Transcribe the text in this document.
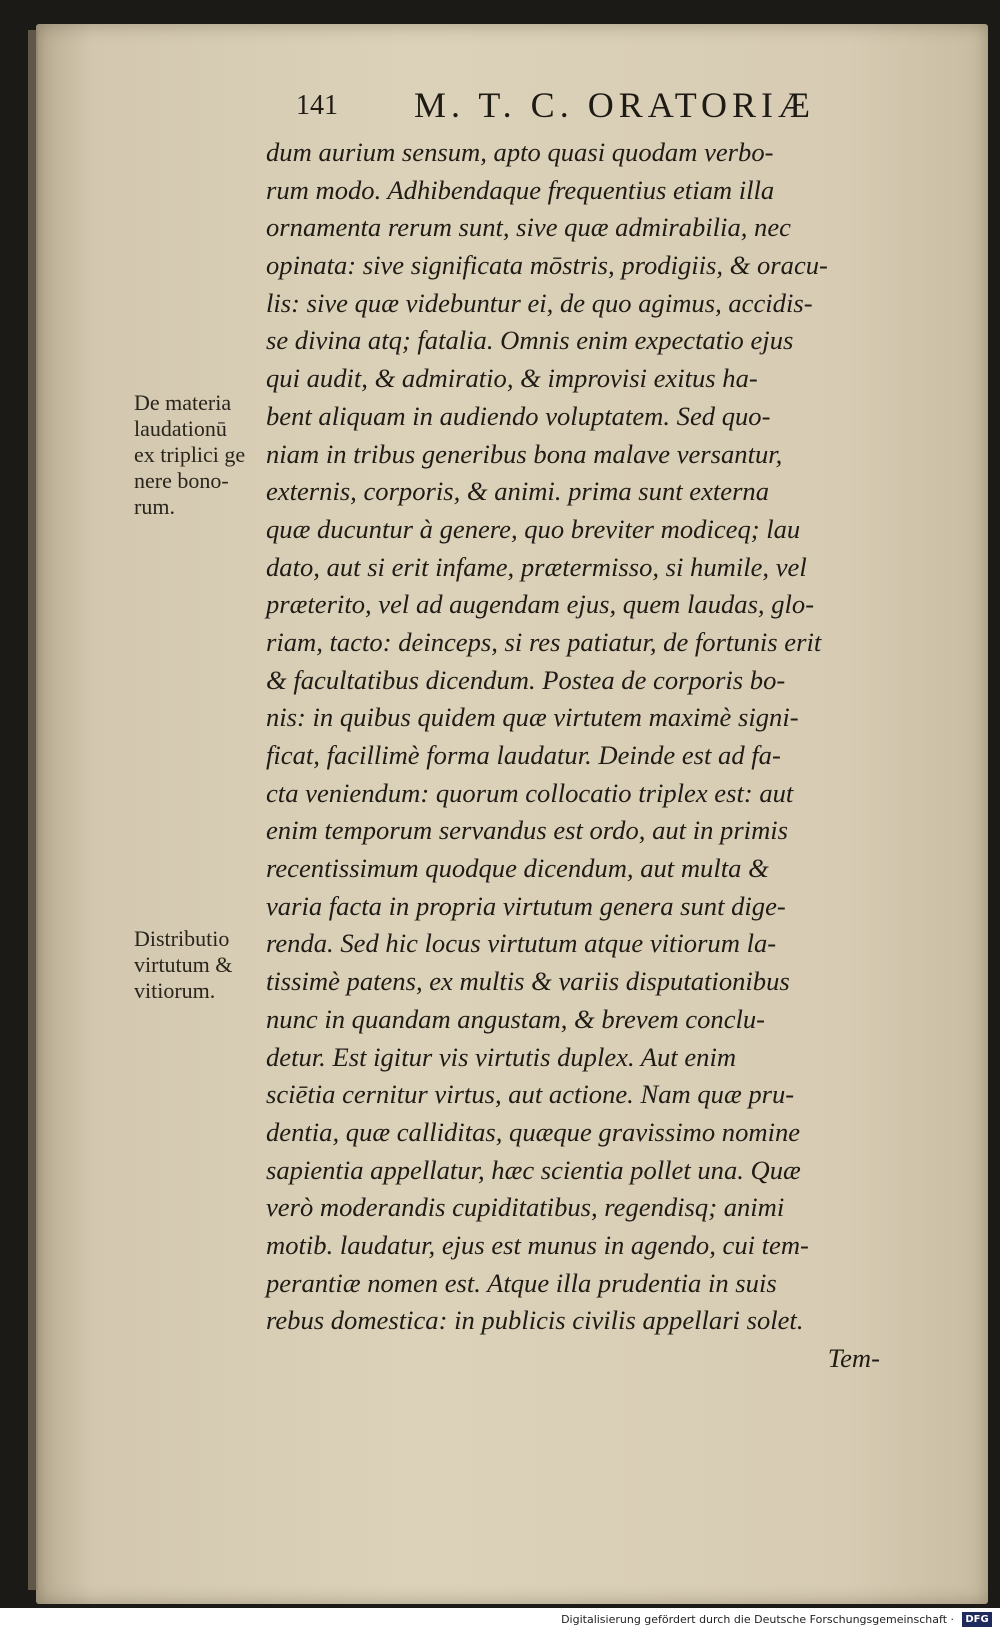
141 M. T. C. ORATORIÆ
dum aurium sensum, apto quasi quodam verbo-
rum modo. Adhibendaque frequentius etiam illa
ornamenta rerum sunt, sive quæ admirabilia, nec
opinata: sive significata mōstris, prodigiis, & oracu-
lis: sive quæ videbuntur ei, de quo agimus, accidis-
se divina atq; fatalia. Omnis enim expectatio ejus
qui audit, & admiratio, & improvisi exitus ha-
bent aliquam in audiendo voluptatem. Sed quo-
niam in tribus generibus bona malave versantur,
externis, corporis, & animi. prima sunt externa
quæ ducuntur à genere, quo breviter modiceq; lau
dato, aut si erit infame, prætermisso, si humile, vel
præterito, vel ad augendam ejus, quem laudas, glo-
riam, tacto: deinceps, si res patiatur, de fortunis erit
& facultatibus dicendum. Postea de corporis bo-
nis: in quibus quidem quæ virtutem maximè signi-
ficat, facillimè forma laudatur. Deinde est ad fa-
cta veniendum: quorum collocatio triplex est: aut
enim temporum servandus est ordo, aut in primis
recentissimum quodque dicendum, aut multa &
varia facta in propria virtutum genera sunt dige-
renda. Sed hic locus virtutum atque vitiorum la-
tissimè patens, ex multis & variis disputationibus
nunc in quandam angustam, & brevem conclu-
detur. Est igitur vis virtutis duplex. Aut enim
sciētia cernitur virtus, aut actione. Nam quæ pru-
dentia, quæ calliditas, quæque gravissimo nomine
sapientia appellatur, hæc scientia pollet una. Quæ
verò moderandis cupiditatibus, regendisq; animi
motib. laudatur, ejus est munus in agendo, cui tem-
perantiæ nomen est. Atque illa prudentia in suis
rebus domestica: in publicis civilis appellari solet.
Tem-
De materia
laudationū
ex triplici ge
nere bono-
rum.
Distributio
virtutum &
vitiorum.
Digitalisierung gefördert durch die Deutsche Forschungsgemeinschaft ·	DFG
